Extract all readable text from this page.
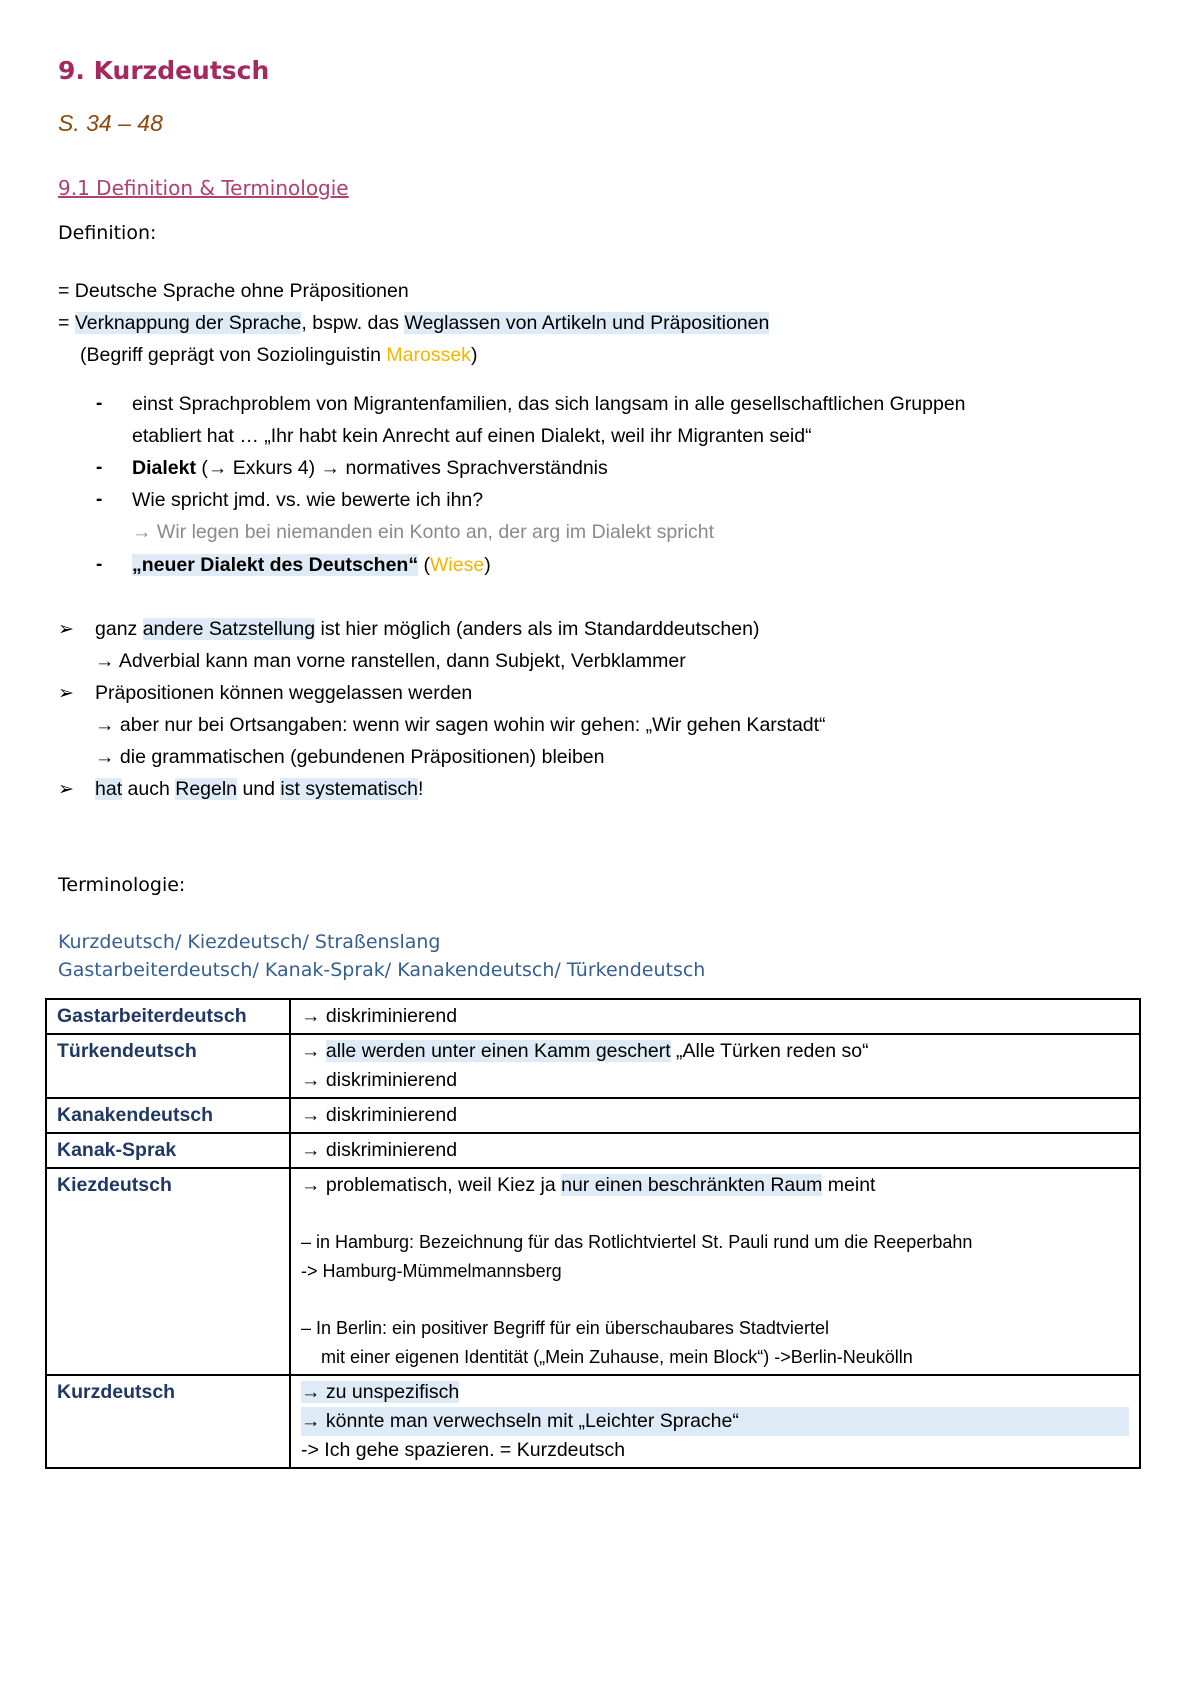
9. Kurzdeutsch
S. 34 – 48
9.1 Definition & Terminologie
Definition:
= Deutsche Sprache ohne Präpositionen
= Verknappung der Sprache, bspw. das Weglassen von Artikeln und Präpositionen
(Begriff geprägt von Soziolinguistin Marossek)
- einst Sprachproblem von Migrantenfamilien, das sich langsam in alle gesellschaftlichen Gruppen
etabliert hat … „Ihr habt kein Anrecht auf einen Dialekt, weil ihr Migranten seid“
- Dialekt (→ Exkurs 4) → normatives Sprachverständnis
- Wie spricht jmd. vs. wie bewerte ich ihn?
→ Wir legen bei niemanden ein Konto an, der arg im Dialekt spricht
- „neuer Dialekt des Deutschen“ (Wiese)
➢ ganz andere Satzstellung ist hier möglich (anders als im Standarddeutschen)
→ Adverbial kann man vorne ranstellen, dann Subjekt, Verbklammer
➢ Präpositionen können weggelassen werden
→ aber nur bei Ortsangaben: wenn wir sagen wohin wir gehen: „Wir gehen Karstadt“
→ die grammatischen (gebundenen Präpositionen) bleiben
➢ hat auch Regeln und ist systematisch!
Terminologie:
Kurzdeutsch/ Kiezdeutsch/ Straßenslang
Gastarbeiterdeutsch/ Kanak-Sprak/ Kanakendeutsch/ Türkendeutsch
Gastarbeiterdeutsch	→ diskriminierend
Türkendeutsch	→ alle werden unter einen Kamm geschert „Alle Türken reden so“
→ diskriminierend

Kanakendeutsch	→ diskriminierend
Kanak-Sprak	→ diskriminierend
Kiezdeutsch	→ problematisch, weil Kiez ja nur einen beschränkten Raum meint
– in Hamburg: Bezeichnung für das Rotlichtviertel St. Pauli rund um die Reeperbahn
-> Hamburg-Mümmelmannsberg
– In Berlin: ein positiver Begriff für ein überschaubares Stadtviertel
mit einer eigenen Identität („Mein Zuhause, mein Block“) ->Berlin-Neukölln

Kurzdeutsch	→ zu unspezifisch
→ könnte man verwechseln mit „Leichter Sprache“
-> Ich gehe spazieren. = Kurzdeutsch
